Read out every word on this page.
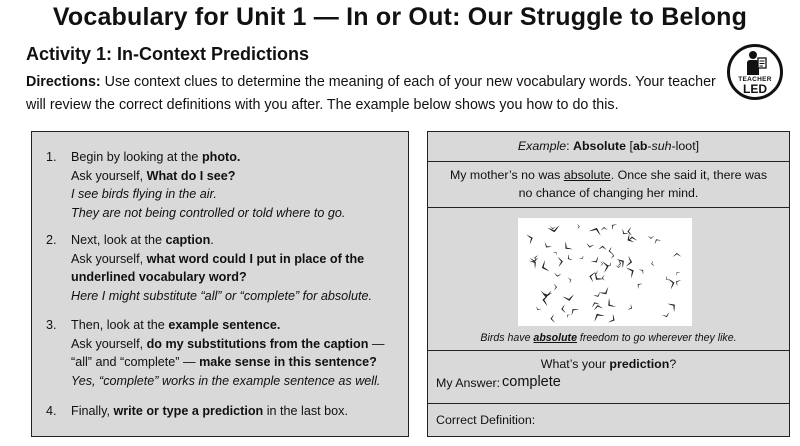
Vocabulary for Unit 1 — In or Out: Our Struggle to Belong
Activity 1: In-Context Predictions
Directions: Use context clues to determine the meaning of each of your new vocabulary words. Your teacher will review the correct definitions with you after. The example below shows you how to do this.
TEACHER
LED
1. Begin by looking at the photo.
Ask yourself, What do I see?
I see birds flying in the air.
They are not being controlled or told where to go.
2. Next, look at the caption.
Ask yourself, what word could I put in place of the underlined vocabulary word?
Here I might substitute “all” or “complete” for absolute.
3. Then, look at the example sentence.
Ask yourself, do my substitutions from the caption — “all” and “complete” — make sense in this sentence?
Yes, “complete” works in the example sentence as well.
4. Finally, write or type a prediction in the last box.
Example: Absolute [ab-suh-loot]
My mother’s no was absolute. Once she said it, there was no chance of changing her mind.
Birds have absolute freedom to go wherever they like.
What’s your prediction?
My Answer: complete
Correct Definition:
